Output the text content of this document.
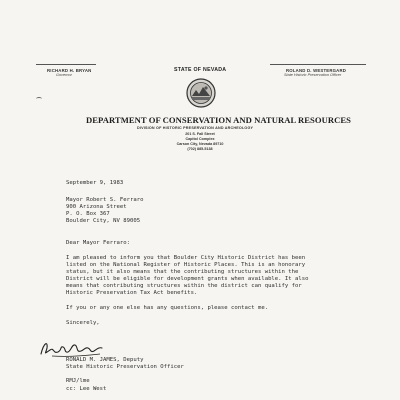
RICHARD H. BRYAN
Governor
STATE OF NEVADA	ROLAND D. WESTERGARD
State Historic Preservation Officer
DEPARTMENT OF CONSERVATION AND NATURAL RESOURCES
DIVISION OF HISTORIC PRESERVATION AND ARCHEOLOGY
201 S. Fall Street
Capitol Complex
Carson City, Nevada 89710
(702) 885-5138
September 9, 1983
Mayor Robert S. Ferraro
900 Arizona Street
P. O. Box 367
Boulder City, NV 89005
Dear Mayor Ferraro:
I am pleased to inform you that Boulder City Historic District has been
listed on the National Register of Historic Places. This is an honorary
status, but it also means that the contributing structures within the
District will be eligible for development grants when available. It also
means that contributing structures within the district can qualify for
Historic Preservation Tax Act benefits.
If you or any one else has any questions, please contact me.
Sincerely,
RONALD M. JAMES, Deputy
State Historic Preservation Officer
RMJ/lme
cc: Lee West
